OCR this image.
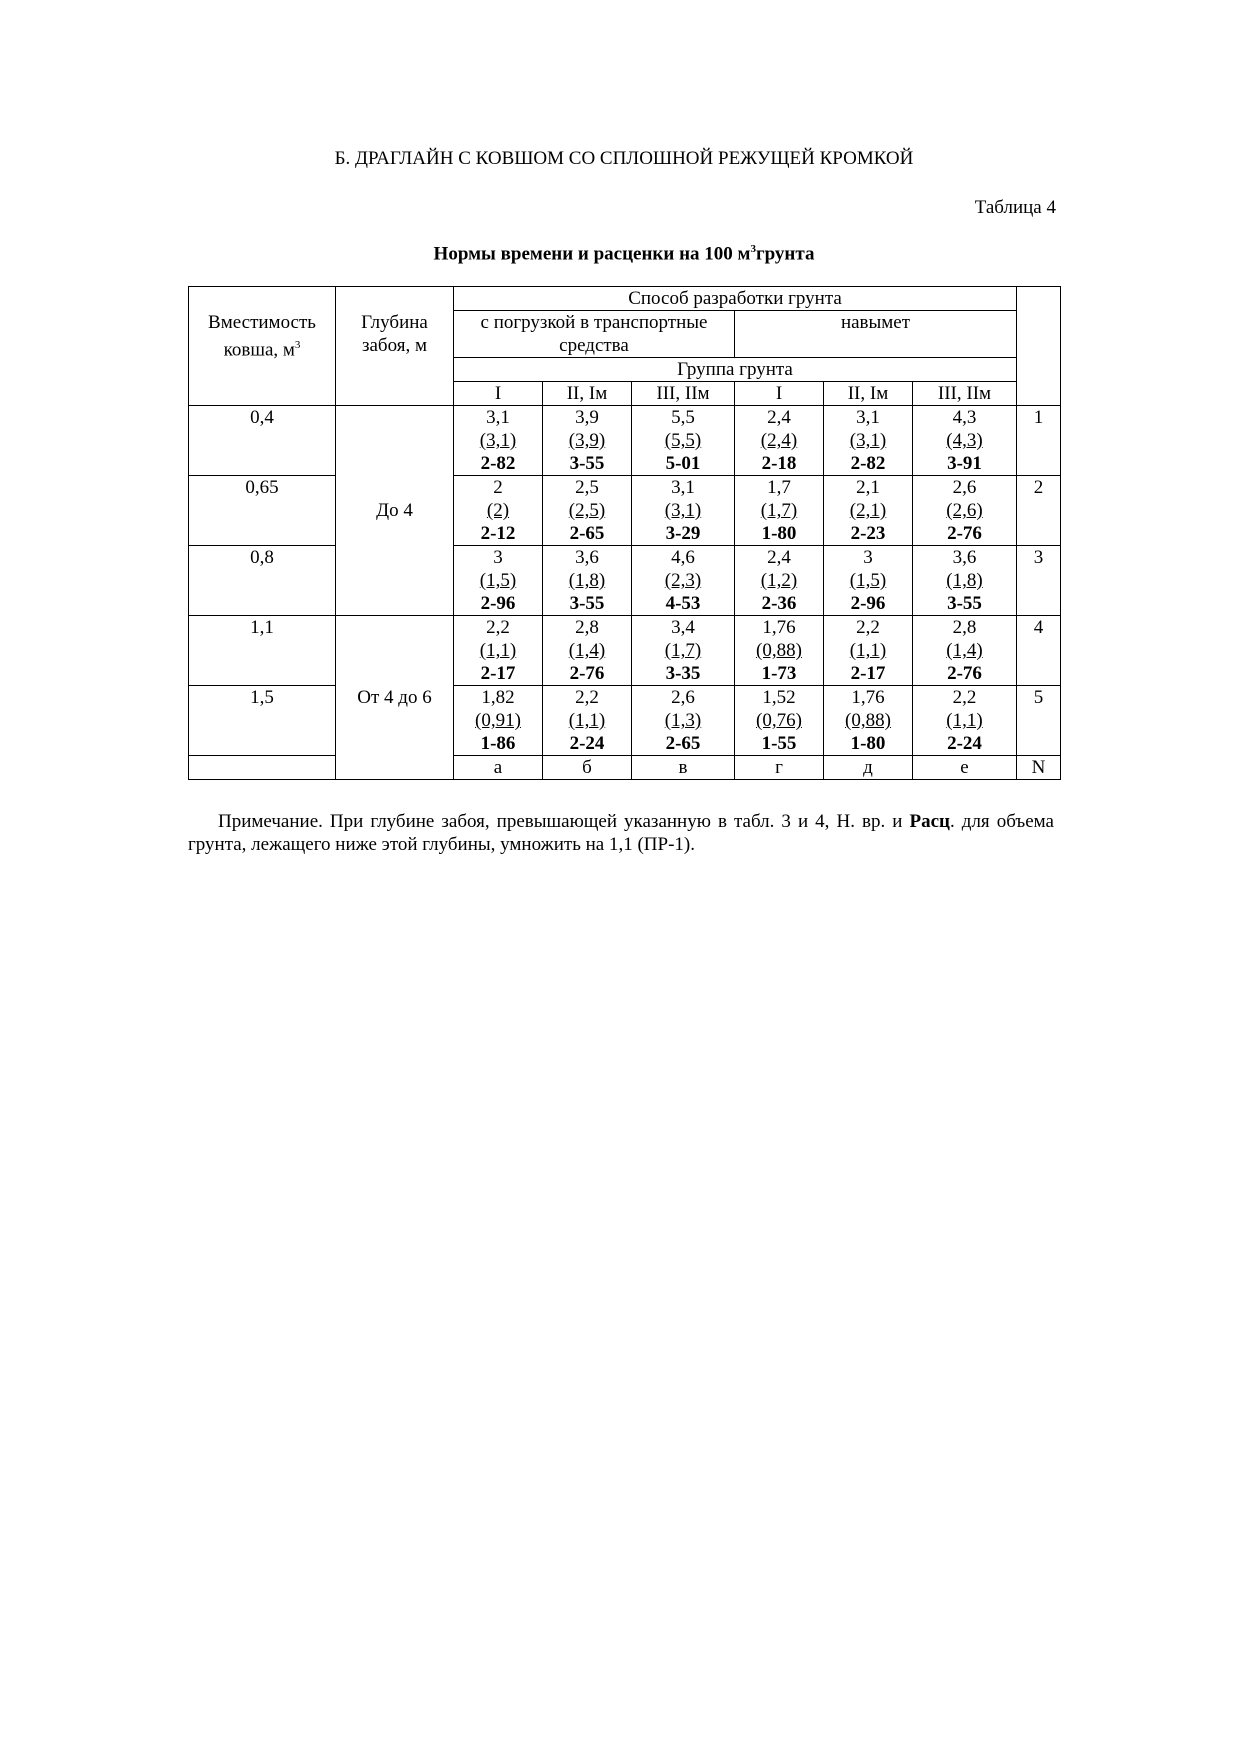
Б. ДРАГЛАЙН С КОВШОМ СО СПЛОШНОЙ РЕЖУЩЕЙ КРОМКОЙ
Таблица 4
Нормы времени и расценки на 100 $м^3грунта$
Вместимость ковша, $м^3$	Глубина забоя, м	Способ разработки грунта						
		с погрузкой в транспортные средства			навымет			
		Группа грунта						
		I	II, Iм	III, IIм	I	II, Iм	III, IIм	
0,4	До 4	3,1
(3,1)
2-82	3,9
(3,9)
3-55	5,5
(5,5)
5-01	2,4
(2,4)
2-18	3,1
(3,1)
2-82	4,3
(4,3)
3-91	1
0,65		2
(2)
2-12	2,5
(2,5)
2-65	3,1
(3,1)
3-29	1,7
(1,7)
1-80	2,1
(2,1)
2-23	2,6
(2,6)
2-76	2
0,8		3
(1,5)
2-96	3,6
(1,8)
3-55	4,6
(2,3)
4-53	2,4
(1,2)
2-36	3
(1,5)
2-96	3,6
(1,8)
3-55	3
1,1	От 4 до 6	2,2
(1,1)
2-17	2,8
(1,4)
2-76	3,4
(1,7)
3-35	1,76
(0,88)
1-73	2,2
(1,1)
2-17	2,8
(1,4)
2-76	4
1,5		1,82
(0,91)
1-86	2,2
(1,1)
2-24	2,6
(1,3)
2-65	1,52
(0,76)
1-55	1,76
(0,88)
1-80	2,2
(1,1)
2-24	5
		а	б	в	г	д	е	N

Примечание. При глубине забоя, превышающей указанную в табл. 3 и 4, Н. вр. и Расц. для объема грунта, лежащего ниже этой глубины, умножить на 1,1 (ПР-1).
